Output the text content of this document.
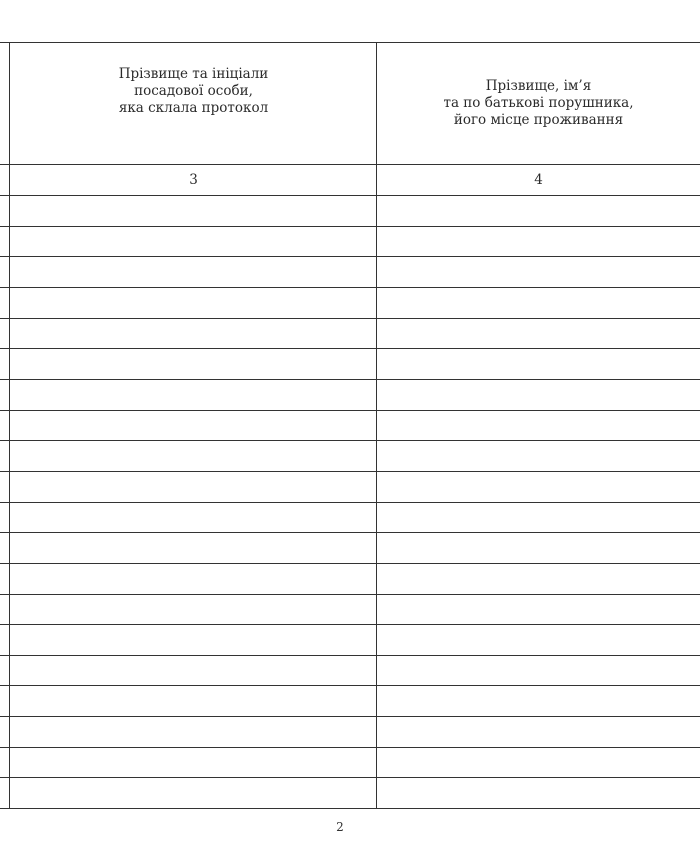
Прізвище та ініціали
посадової особи,
яка склала протокол
Прізвище, ім’я
та по батькові порушника,
його місце проживання
3	4
2
